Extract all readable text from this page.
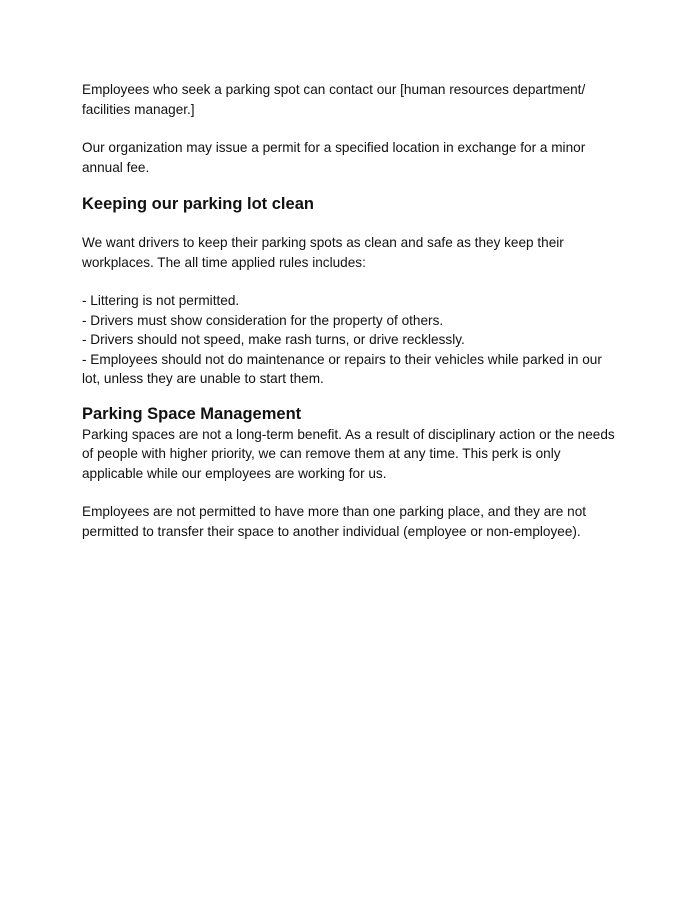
Employees who seek a parking spot can contact our [human resources department/ facilities manager.]

Our organization may issue a permit for a specified location in exchange for a minor annual fee.

Keeping our parking lot clean

We want drivers to keep their parking spots as clean and safe as they keep their workplaces. The all time applied rules includes:

- Littering is not permitted.
- Drivers must show consideration for the property of others.
- Drivers should not speed, make rash turns, or drive recklessly.
- Employees should not do maintenance or repairs to their vehicles while parked in our lot, unless they are unable to start them.

Parking Space Management

Parking spaces are not a long-term benefit. As a result of disciplinary action or the needs of people with higher priority, we can remove them at any time. This perk is only applicable while our employees are working for us.

Employees are not permitted to have more than one parking place, and they are not permitted to transfer their space to another individual (employee or non-employee).
